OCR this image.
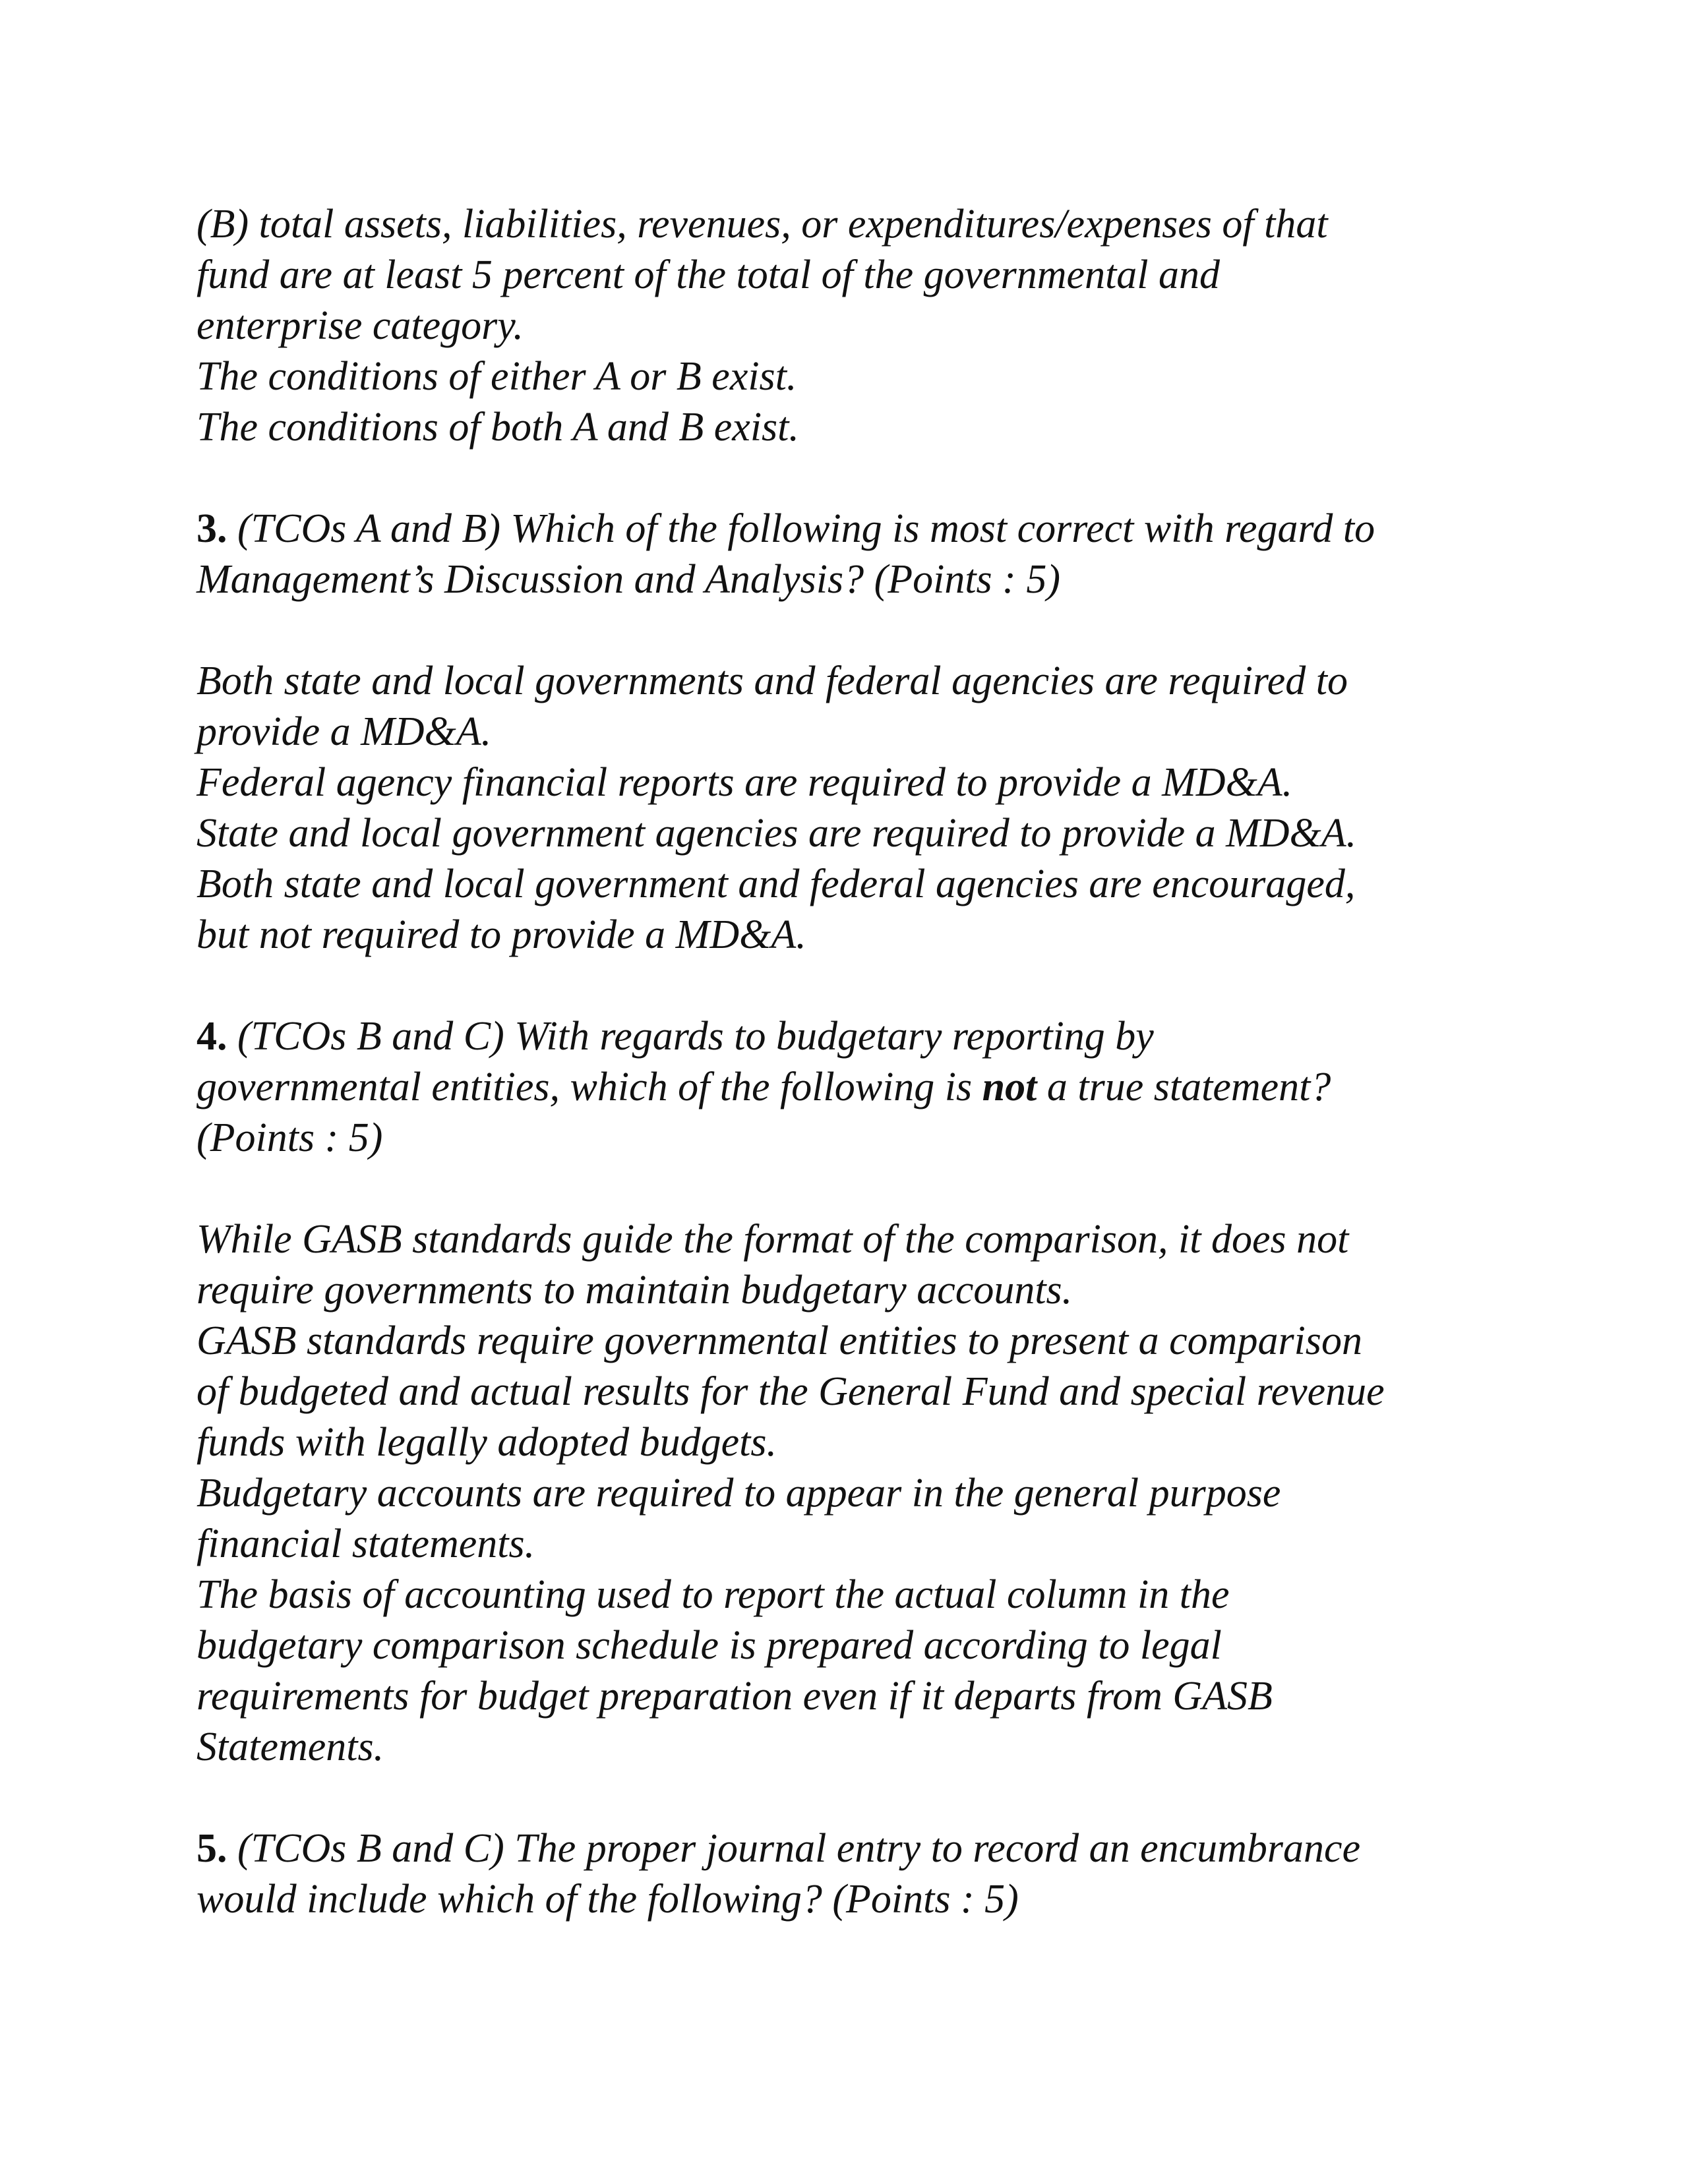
(B) total assets, liabilities, revenues, or expenditures/expenses of that
fund are at least 5 percent of the total of the governmental and
enterprise category.
The conditions of either A or B exist.
The conditions of both A and B exist.
3. (TCOs A and B) Which of the following is most correct with regard to
Management’s Discussion and Analysis? (Points : 5)
Both state and local governments and federal agencies are required to
provide a MD&A.
Federal agency financial reports are required to provide a MD&A.
State and local government agencies are required to provide a MD&A.
Both state and local government and federal agencies are encouraged,
but not required to provide a MD&A.
4. (TCOs B and C) With regards to budgetary reporting by
governmental entities, which of the following is not a true statement?
(Points : 5)
While GASB standards guide the format of the comparison, it does not
require governments to maintain budgetary accounts.
GASB standards require governmental entities to present a comparison
of budgeted and actual results for the General Fund and special revenue
funds with legally adopted budgets.
Budgetary accounts are required to appear in the general purpose
financial statements.
The basis of accounting used to report the actual column in the
budgetary comparison schedule is prepared according to legal
requirements for budget preparation even if it departs from GASB
Statements.
5. (TCOs B and C) The proper journal entry to record an encumbrance
would include which of the following? (Points : 5)
